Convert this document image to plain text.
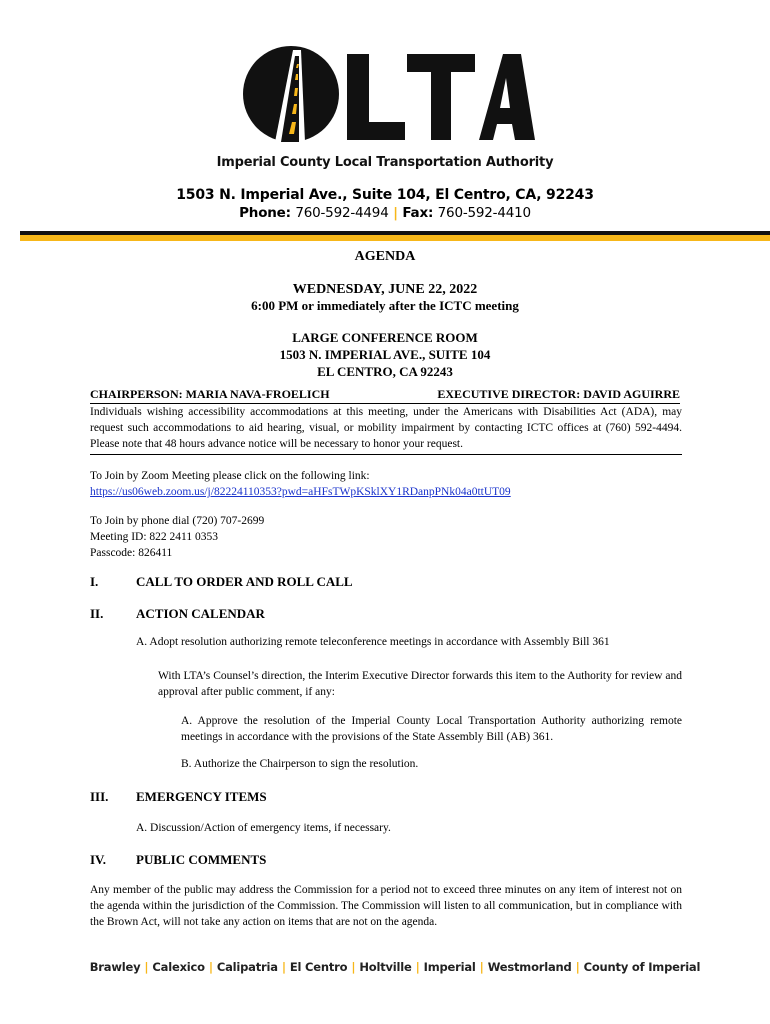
Imperial County Local Transportation Authority
1503 N. Imperial Ave., Suite 104, El Centro, CA, 92243
Phone: 760-592-4494 | Fax: 760-592-4410
AGENDA
WEDNESDAY, JUNE 22, 2022
6:00 PM or immediately after the ICTC meeting
LARGE CONFERENCE ROOM
1503 N. IMPERIAL AVE., SUITE 104
EL CENTRO, CA 92243
CHAIRPERSON: MARIA NAVA-FROELICH	EXECUTIVE DIRECTOR: DAVID AGUIRRE
Individuals wishing accessibility accommodations at this meeting, under the Americans with Disabilities Act (ADA), may request such accommodations to aid hearing, visual, or mobility impairment by contacting ICTC offices at (760) 592-4494. Please note that 48 hours advance notice will be necessary to honor your request.
To Join by Zoom Meeting please click on the following link:
https://us06web.zoom.us/j/82224110353?pwd=aHFsTWpKSklXY1RDanpPNk04a0ttUT09
To Join by phone dial (720) 707-2699
Meeting ID: 822 2411 0353
Passcode: 826411
I.	CALL TO ORDER AND ROLL CALL
II.	ACTION CALENDAR
A. Adopt resolution authorizing remote teleconference meetings in accordance with Assembly Bill 361
With LTA’s Counsel’s direction, the Interim Executive Director forwards this item to the Authority for review and approval after public comment, if any:
A. Approve the resolution of the Imperial County Local Transportation Authority authorizing remote meetings in accordance with the provisions of the State Assembly Bill (AB) 361.
B. Authorize the Chairperson to sign the resolution.
III. EMERGENCY ITEMS
A. Discussion/Action of emergency items, if necessary.
IV. PUBLIC COMMENTS
Any member of the public may address the Commission for a period not to exceed three minutes on any item of interest not on the agenda within the jurisdiction of the Commission. The Commission will listen to all communication, but in compliance with the Brown Act, will not take any action on items that are not on the agenda.
Brawley | Calexico | Calipatria | El Centro | Holtville | Imperial | Westmorland | County of Imperial
